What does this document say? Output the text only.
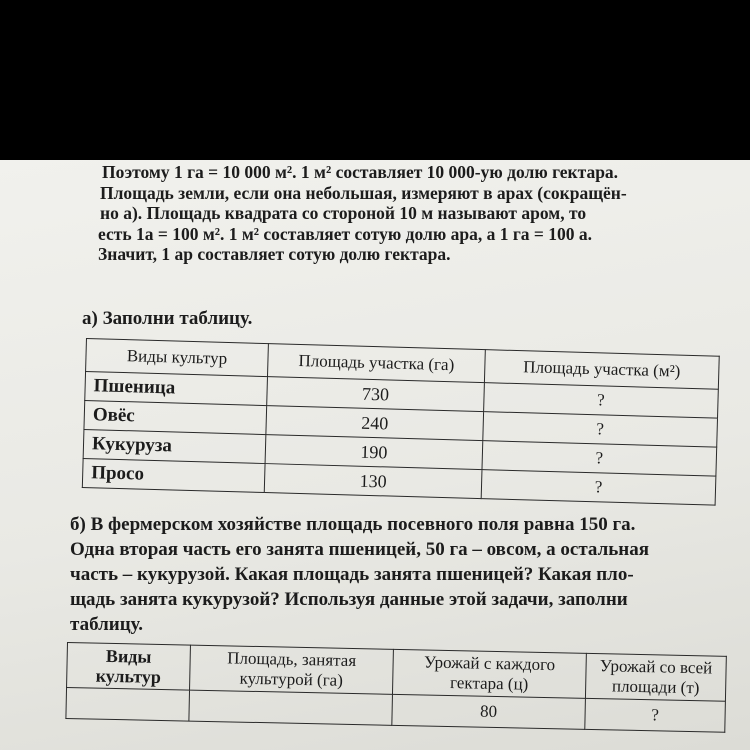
Поэтому 1 га = 10 000 м². 1 м² составляет 10 000-ую долю гектара.
Площадь земли, если она небольшая, измеряют в арах (сокращён-
но а). Площадь квадрата со стороной 10 м называют аром, то
есть 1а = 100 м². 1 м² составляет сотую долю ара, а 1 га = 100 а.
Значит, 1 ар составляет сотую долю гектара.

а) Заполни таблицу.
Виды культур	Площадь участка (га)	Площадь участка (м²)
Пшеница	730	?
Овёс	240	?
Кукуруза	190	?
Просо	130	?

б) В фермерском хозяйстве площадь посевного поля равна 150 га.
Одна вторая часть его занята пшеницей, 50 га – овсом, а остальная
часть – кукурузой. Какая площадь занята пшеницей? Какая пло-
щадь занята кукурузой? Используя данные этой задачи, заполни
таблицу.

Виды культур	Площадь, занятая культурой (га)	Урожай с каждого гектара (ц)	Урожай со всей площади (т)
		80	?
